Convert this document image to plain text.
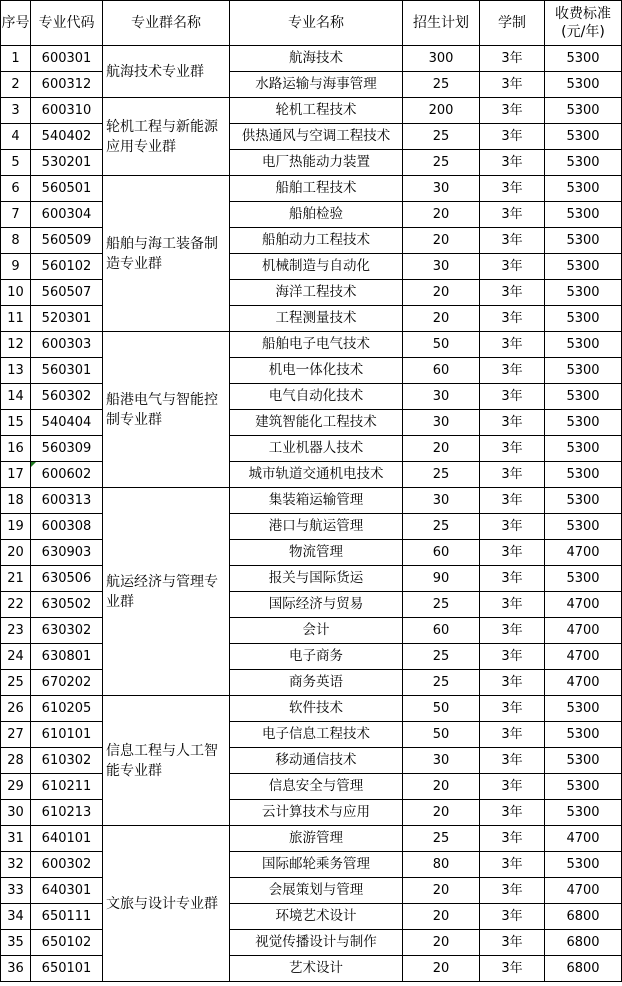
序号	专业代码	专业群名称	专业名称	招生计划	学制	收费标准
(元/年)
1	600301	航海技术专业群	航海技术	300	3年	5300
2	600312		水路运输与海事管理	25	3年	5300
3	600310	轮机工程与新能源应用专业群	轮机工程技术	200	3年	5300
4	540402		供热通风与空调工程技术	25	3年	5300
5	530201		电厂热能动力装置	25	3年	5300
6	560501	船舶与海工装备制造专业群	船舶工程技术	30	3年	5300
7	600304		船舶检验	20	3年	5300
8	560509		船舶动力工程技术	20	3年	5300
9	560102		机械制造与自动化	30	3年	5300
10	560507		海洋工程技术	20	3年	5300
11	520301		工程测量技术	20	3年	5300
12	600303	船港电气与智能控制专业群	船舶电子电气技术	50	3年	5300
13	560301		机电一体化技术	60	3年	5300
14	560302		电气自动化技术	30	3年	5300
15	540404		建筑智能化工程技术	30	3年	5300
16	560309		工业机器人技术	20	3年	5300
17	600602		城市轨道交通机电技术	25	3年	5300
18	600313	航运经济与管理专业群	集装箱运输管理	30	3年	5300
19	600308		港口与航运管理	25	3年	5300
20	630903		物流管理	60	3年	4700
21	630506		报关与国际货运	90	3年	5300
22	630502		国际经济与贸易	25	3年	4700
23	630302		会计	60	3年	4700
24	630801		电子商务	25	3年	4700
25	670202		商务英语	25	3年	4700
26	610205	信息工程与人工智能专业群	软件技术	50	3年	5300
27	610101		电子信息工程技术	50	3年	5300
28	610302		移动通信技术	30	3年	5300
29	610211		信息安全与管理	20	3年	5300
30	610213		云计算技术与应用	20	3年	5300
31	640101	文旅与设计专业群	旅游管理	25	3年	4700
32	600302		国际邮轮乘务管理	80	3年	5300
33	640301		会展策划与管理	20	3年	4700
34	650111		环境艺术设计	20	3年	6800
35	650102		视觉传播设计与制作	20	3年	6800
36	650101		艺术设计	20	3年	6800
